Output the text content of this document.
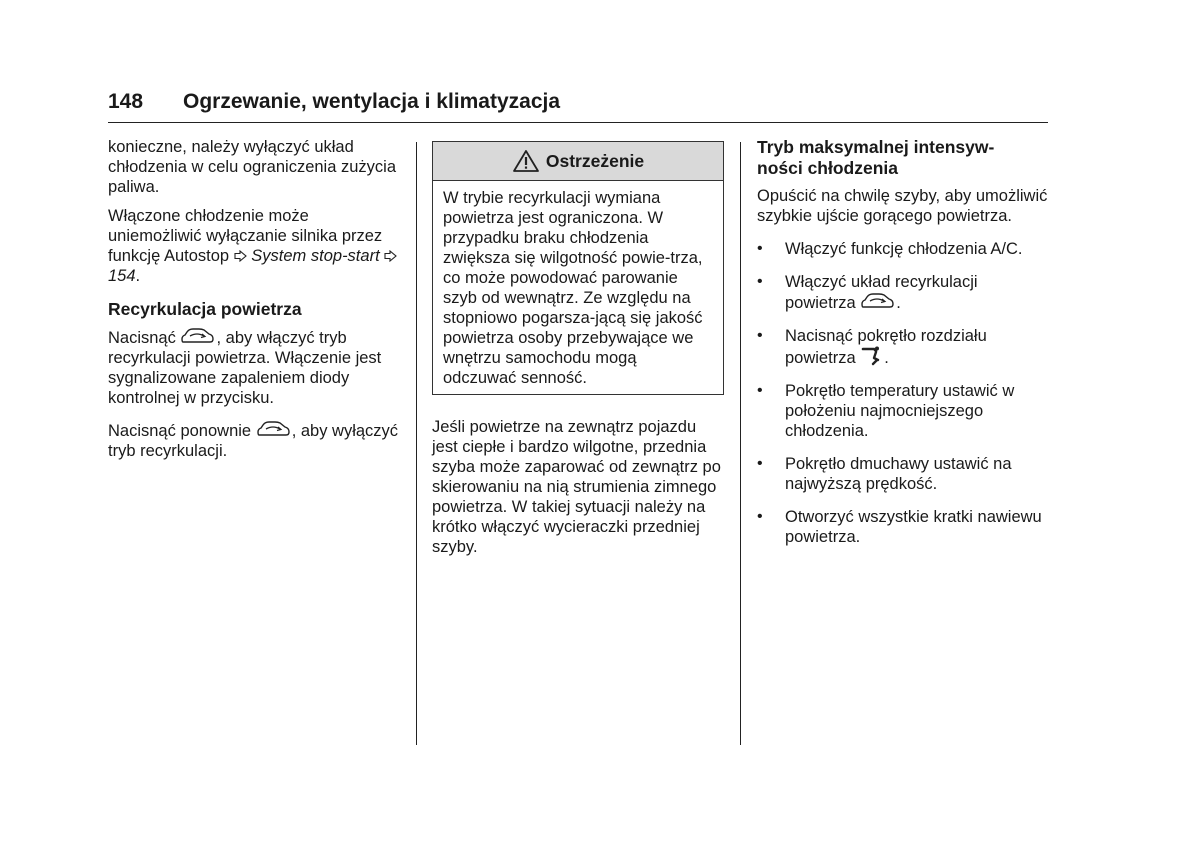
148 Ogrzewanie, wentylacja i klimatyzacja

konieczne, należy wyłączyć układ chłodzenia w celu ograniczenia zużycia paliwa.

Włączone chłodzenie może uniemożliwić wyłączanie silnika przez funkcję Autostop System stop-start 154.

Recyrkulacja powietrza

Nacisnąć , aby włączyć tryb recyrkulacji powietrza. Włączenie jest sygnalizowane zapaleniem diody kontrolnej w przycisku.

Nacisnąć ponownie , aby wyłączyć tryb recyrkulacji.

Ostrzeżenie

W trybie recyrkulacji wymiana powietrza jest ograniczona. W przypadku braku chłodzenia zwiększa się wilgotność powie-trza, co może powodować parowanie szyb od wewnątrz. Ze względu na stopniowo pogarsza-jącą się jakość powietrza osoby przebywające we wnętrzu samochodu mogą odczuwać senność.

Jeśli powietrze na zewnątrz pojazdu jest ciepłe i bardzo wilgotne, przednia szyba może zaparować od zewnątrz po skierowaniu na nią strumienia zimnego powietrza. W takiej sytuacji należy na krótko włączyć wycieraczki przedniej szyby.

Tryb maksymalnej intensyw-ności chłodzenia

Opuścić na chwilę szyby, aby umożliwić szybkie ujście gorącego powietrza.

• Włączyć funkcję chłodzenia A/C.
• Włączyć układ recyrkulacji powietrza .
• Nacisnąć pokrętło rozdziału powietrza .
• Pokrętło temperatury ustawić w położeniu najmocniejszego chłodzenia.
• Pokrętło dmuchawy ustawić na najwyższą prędkość.
• Otworzyć wszystkie kratki nawiewu powietrza.
